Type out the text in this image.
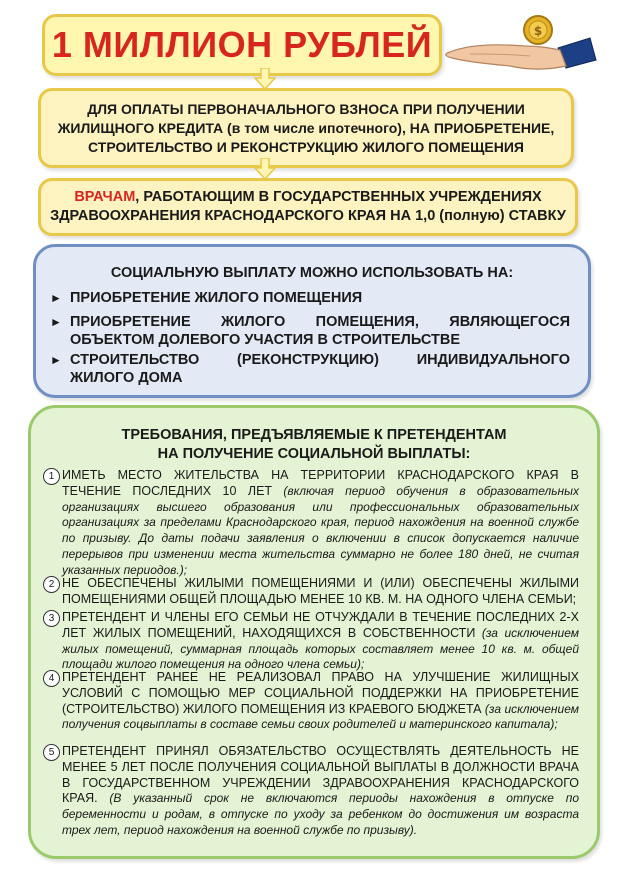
1 МИЛЛИОН РУБЛЕЙ	$
ДЛЯ ОПЛАТЫ ПЕРВОНАЧАЛЬНОГО ВЗНОСА ПРИ ПОЛУЧЕНИИ
ЖИЛИЩНОГО КРЕДИТА (в том числе ипотечного), НА ПРИОБРЕТЕНИЕ,
СТРОИТЕЛЬСТВО И РЕКОНСТРУКЦИЮ ЖИЛОГО ПОМЕЩЕНИЯ
ВРАЧАМ, РАБОТАЮЩИМ В ГОСУДАРСТВЕННЫХ УЧРЕЖДЕНИЯХ
ЗДРАВООХРАНЕНИЯ КРАСНОДАРСКОГО КРАЯ НА 1,0 (полную) СТАВКУ
СОЦИАЛЬНУЮ ВЫПЛАТУ МОЖНО ИСПОЛЬЗОВАТЬ НА:
► ПРИОБРЕТЕНИЕ ЖИЛОГО ПОМЕЩЕНИЯ
► ПРИОБРЕТЕНИЕ ЖИЛОГО ПОМЕЩЕНИЯ, ЯВЛЯЮЩЕГОСЯ
ОБЪЕКТОМ ДОЛЕВОГО УЧАСТИЯ В СТРОИТЕЛЬСТВЕ
► СТРОИТЕЛЬСТВО (РЕКОНСТРУКЦИЮ) ИНДИВИДУАЛЬНОГО
ЖИЛОГО ДОМА
ТРЕБОВАНИЯ, ПРЕДЪЯВЛЯЕМЫЕ К ПРЕТЕНДЕНТАМ
НА ПОЛУЧЕНИЕ СОЦИАЛЬНОЙ ВЫПЛАТЫ:
1 ИМЕТЬ МЕСТО ЖИТЕЛЬСТВА НА ТЕРРИТОРИИ КРАСНОДАРСКОГО КРАЯ В ТЕЧЕНИЕ ПОСЛЕДНИХ 10 ЛЕТ (включая период обучения в образовательных организациях высшего образования или профессиональных образовательных организациях за пределами Краснодарского края, период нахождения на военной службе по призыву. До даты подачи заявления о включении в список допускается наличие перерывов при изменении места жительства суммарно не более 180 дней, не считая указанных периодов.);
2 НЕ ОБЕСПЕЧЕНЫ ЖИЛЫМИ ПОМЕЩЕНИЯМИ И (ИЛИ) ОБЕСПЕЧЕНЫ ЖИЛЫМИ ПОМЕЩЕНИЯМИ ОБЩЕЙ ПЛОЩАДЬЮ МЕНЕЕ 10 КВ. М. НА ОДНОГО ЧЛЕНА СЕМЬИ;
3 ПРЕТЕНДЕНТ И ЧЛЕНЫ ЕГО СЕМЬИ НЕ ОТЧУЖДАЛИ В ТЕЧЕНИЕ ПОСЛЕДНИХ 2-Х ЛЕТ ЖИЛЫХ ПОМЕЩЕНИЙ, НАХОДЯЩИХСЯ В СОБСТВЕННОСТИ (за исключением жилых помещений, суммарная площадь которых составляет менее 10 кв. м. общей площади жилого помещения на одного члена семьи);
4 ПРЕТЕНДЕНТ РАНЕЕ НЕ РЕАЛИЗОВАЛ ПРАВО НА УЛУЧШЕНИЕ ЖИЛИЩНЫХ УСЛОВИЙ С ПОМОЩЬЮ МЕР СОЦИАЛЬНОЙ ПОДДЕРЖКИ НА ПРИОБРЕТЕНИЕ (СТРОИТЕЛЬСТВО) ЖИЛОГО ПОМЕЩЕНИЯ ИЗ КРАЕВОГО БЮДЖЕТА (за исключением получения соцвыплаты в составе семьи своих родителей и материнского капитала);
5 ПРЕТЕНДЕНТ ПРИНЯЛ ОБЯЗАТЕЛЬСТВО ОСУЩЕСТВЛЯТЬ ДЕЯТЕЛЬНОСТЬ НЕ МЕНЕЕ 5 ЛЕТ ПОСЛЕ ПОЛУЧЕНИЯ СОЦИАЛЬНОЙ ВЫПЛАТЫ В ДОЛЖНОСТИ ВРАЧА В ГОСУДАРСТВЕННОМ УЧРЕЖДЕНИИ ЗДРАВООХРАНЕНИЯ КРАСНОДАРСКОГО КРАЯ. (В указанный срок не включаются периоды нахождения в отпуске по беременности и родам, в отпуске по уходу за ребенком до достижения им возраста трех лет, период нахождения на военной службе по призыву).
